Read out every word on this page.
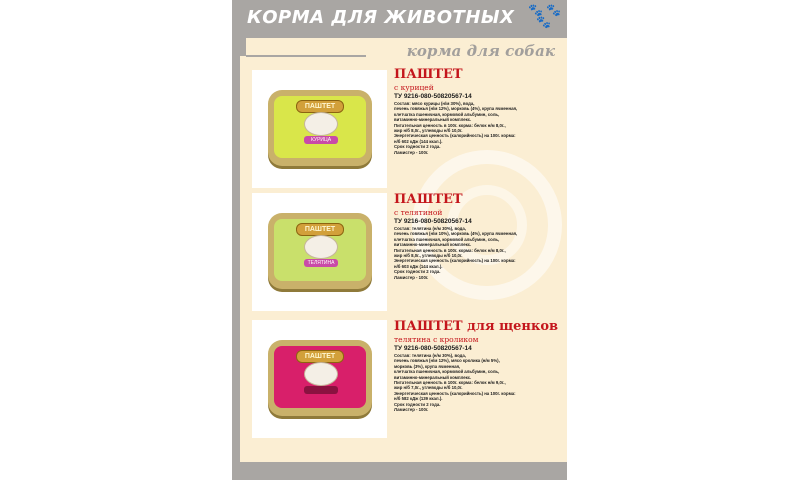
КОРМА ДЛЯ ЖИВОТНЫХ 🐾 🐾
🐾
корма для собак
ПАШТЕТ
КУРИЦА
ПАШТЕТ
с курицей
ТУ 9216-080-50820567-14
Состав: мясо курицы (н/м 30%), вода,
печень говяжья (н/м 12%), морковь (4%), крупа ячменная,
клетчатка пшеничная, кормовой альбумин, соль,
витаминно-минеральный комплекс.
Питательная ценность в 100г. корма: белок н/м 8,0г.,
жир н/б 8,0г., углеводы н/б 10,0г.
Энергетическая ценность (калорийность) на 100г. корма:
н/б 602 кДж (144 ккал.).
Срок годности 2 года.
Ламистер - 100г.
ПАШТЕТ
ТЕЛЯТИНА
ПАШТЕТ
с телятиной
ТУ 9216-080-50820567-14
Состав: телятина (н/м 30%), вода,
печень говяжья (н/м 10%), морковь (4%), крупа ячменная,
клетчатка пшеничная, кормовой альбумин, соль,
витаминно-минеральный комплекс.
Питательная ценность в 100г. корма: белок н/м 8,0г.,
жир н/б 8,0г., углеводы н/б 10,0г.
Энергетическая ценность (калорийность) на 100г. корма:
н/б 603 кДж (144 ккал.).
Срок годности 2 года.
Ламистер - 100г.
ПАШТЕТ
ПАШТЕТ для щенков
телятина с кроликом
ТУ 9216-080-50820567-14
Состав: телятина (н/м 30%), вода,
печень говяжья (н/м 12%), мясо кролика (н/м 5%),
морковь (3%), крупа ячменная,
клетчатка пшеничная, кормовой альбумин, соль,
витаминно-минеральный комплекс.
Питательная ценность в 100г. корма: белок н/м 9,0г.,
жир н/б 7,0г., углеводы н/б 10,0г.
Энергетическая ценность (калорийность) на 100г. корма:
н/б 582 кДж (139 ккал.).
Срок годности 2 года.
Ламистер - 100г.
